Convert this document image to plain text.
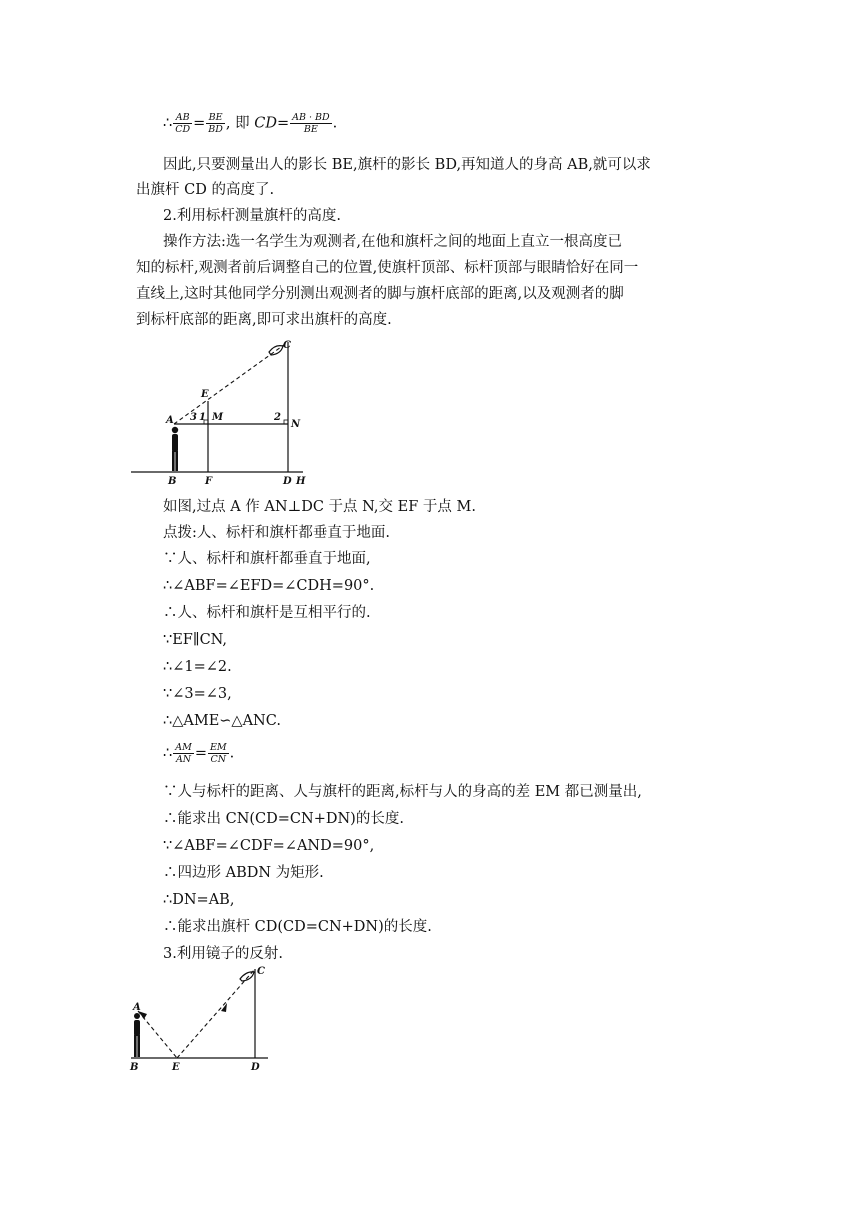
∴ $\frac{AB}{CD} = \frac{BE}{BD}$ , 即 $CD= \frac{AB \cdot BD}{BE}$ .
因此,只要测量出人的影长 BE,旗杆的影长 BD,再知道人的身高 AB,就可以求
出旗杆 CD 的高度了.
2.利用标杆测量旗杆的高度.
操作方法:选一名学生为观测者,在他和旗杆之间的地面上直立一根高度已
知的标杆,观测者前后调整自己的位置,使旗杆顶部、标杆顶部与眼睛恰好在同一
直线上,这时其他同学分别测出观测者的脚与旗杆底部的距离,以及观测者的脚
到标杆底部的距离,即可求出旗杆的高度.
C
E
A 3 1 M	2
N
B	F	D H
如图,过点 A 作 AN⊥DC 于点 N,交 EF 于点 M.
点拨:人、标杆和旗杆都垂直于地面.
∵人、标杆和旗杆都垂直于地面,
∴∠ABF=∠EFD=∠CDH=90°.
∴人、标杆和旗杆是互相平行的.
∵EF∥CN,
∴∠1=∠2.
∵∠3=∠3,
∴△AME∽△ANC.
∴ $\frac{AM}{AN} = \frac{EM}{CN}$ .
∵人与标杆的距离、人与旗杆的距离,标杆与人的身高的差 EM 都已测量出,
∴能求出 CN(CD=CN+DN)的长度.
∵∠ABF=∠CDF=∠AND=90°,
∴四边形 ABDN 为矩形.
∴DN=AB,
∴能求出旗杆 CD(CD=CN+DN)的长度.
3.利用镜子的反射.
C
A
B	E	D
